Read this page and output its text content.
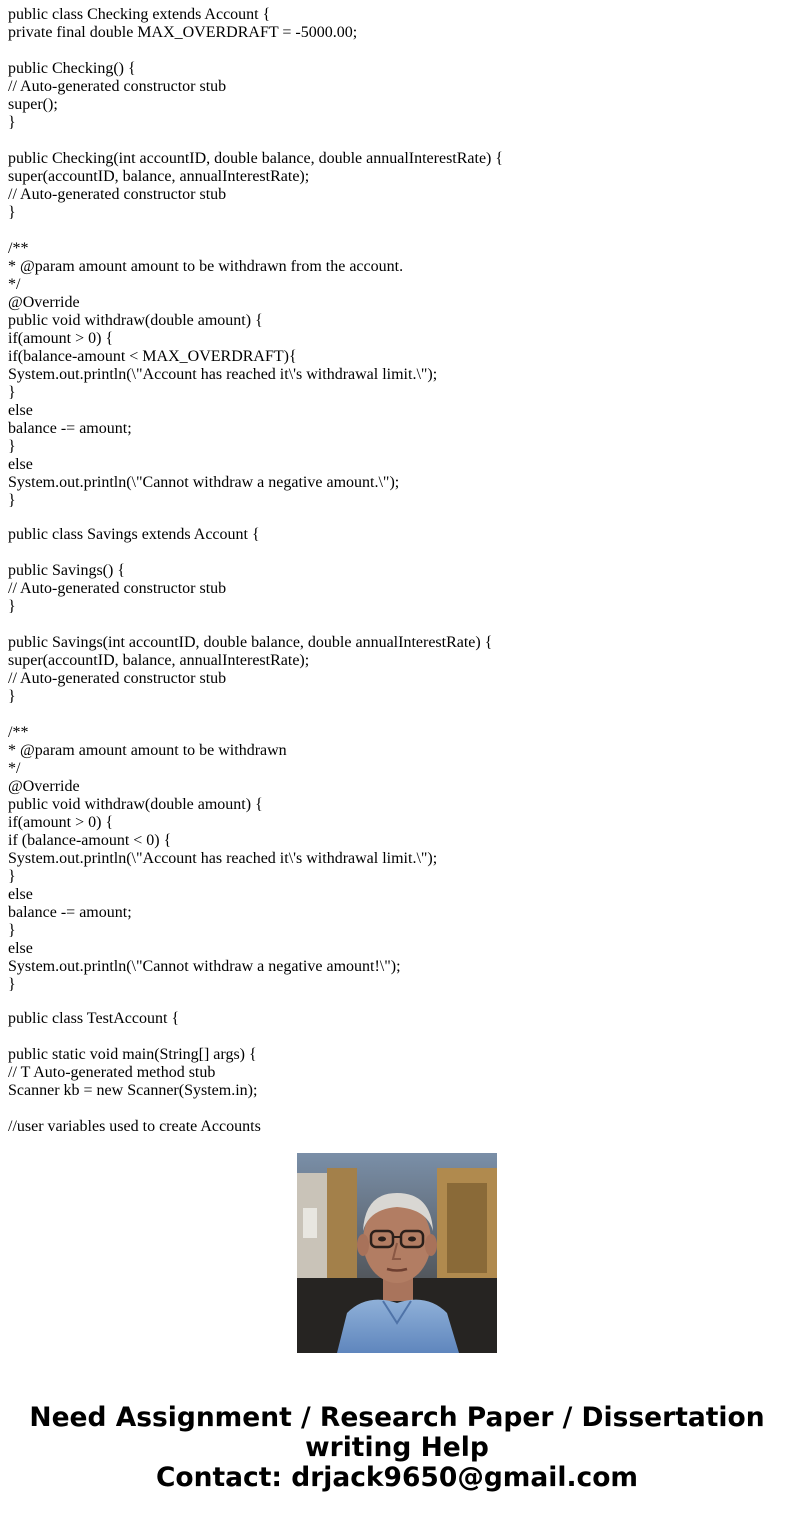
public class Checking extends Account {
private final double MAX_OVERDRAFT = -5000.00;
public Checking() {
// Auto-generated constructor stub
super();
}
public Checking(int accountID, double balance, double annualInterestRate) {
super(accountID, balance, annualInterestRate);
// Auto-generated constructor stub
}
/**
* @param amount amount to be withdrawn from the account.
*/
@Override
public void withdraw(double amount) {
if(amount > 0) {
if(balance-amount < MAX_OVERDRAFT){
System.out.println(\"Account has reached it\'s withdrawal limit.\");
}
else
balance -= amount;
}
else
System.out.println(\"Cannot withdraw a negative amount.\");
}
public class Savings extends Account {
public Savings() {
// Auto-generated constructor stub
}
public Savings(int accountID, double balance, double annualInterestRate) {
super(accountID, balance, annualInterestRate);
// Auto-generated constructor stub
}
/**
* @param amount amount to be withdrawn
*/
@Override
public void withdraw(double amount) {
if(amount > 0) {
if (balance-amount < 0) {
System.out.println(\"Account has reached it\'s withdrawal limit.\");
}
else
balance -= amount;
}
else
System.out.println(\"Cannot withdraw a negative amount!\");
}
public class TestAccount {
public static void main(String[] args) {
// T Auto-generated method stub
Scanner kb = new Scanner(System.in);
//user variables used to create Accounts
Need Assignment / Research Paper / Dissertation
writing Help
Contact: drjack9650@gmail.com
